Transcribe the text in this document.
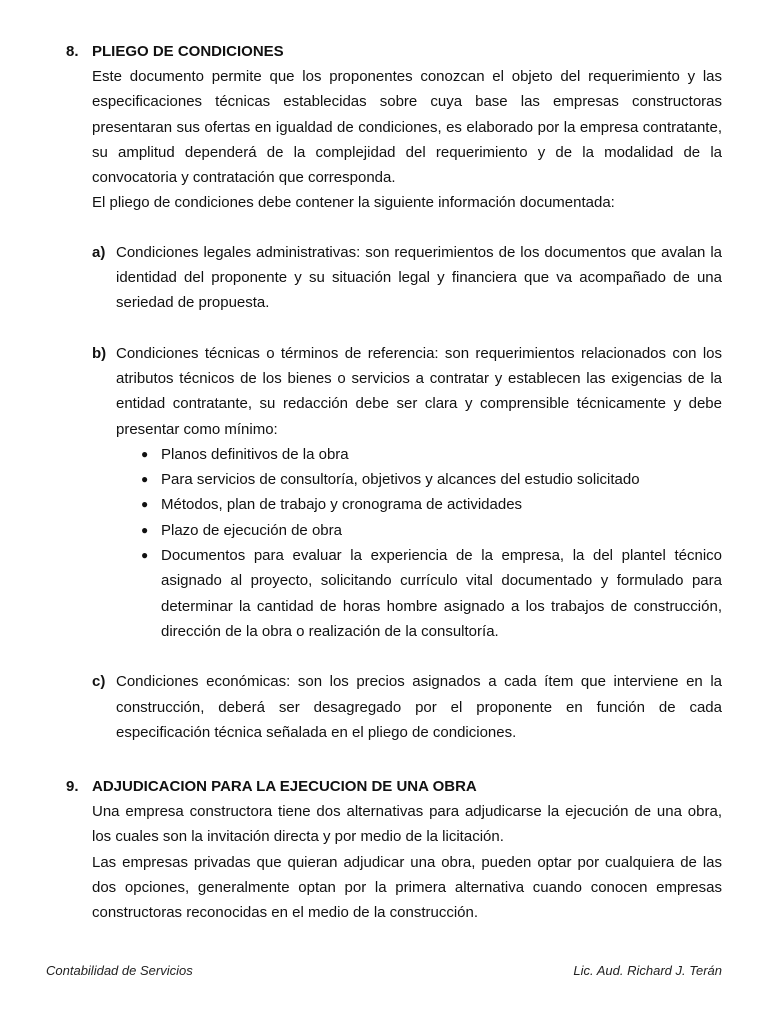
8. PLIEGO DE CONDICIONES
Este documento permite que los proponentes conozcan el objeto del requerimiento y las especificaciones técnicas establecidas sobre cuya base las empresas constructoras presentaran sus ofertas en igualdad de condiciones, es elaborado por la empresa contratante, su amplitud dependerá de la complejidad del requerimiento y de la modalidad de la convocatoria y contratación que corresponda.
El pliego de condiciones debe contener la siguiente información documentada:
a) Condiciones legales administrativas: son requerimientos de los documentos que avalan la identidad del proponente y su situación legal y financiera que va acompañado de una seriedad de propuesta.
b) Condiciones técnicas o términos de referencia: son requerimientos relacionados con los atributos técnicos de los bienes o servicios a contratar y establecen las exigencias de la entidad contratante, su redacción debe ser clara y comprensible técnicamente y debe presentar como mínimo:
● Planos definitivos de la obra
● Para servicios de consultoría, objetivos y alcances del estudio solicitado
● Métodos, plan de trabajo y cronograma de actividades
● Plazo de ejecución de obra
● Documentos para evaluar la experiencia de la empresa, la del plantel técnico asignado al proyecto, solicitando currículo vital documentado y formulado para determinar la cantidad de horas hombre asignado a los trabajos de construcción, dirección de la obra o realización de la consultoría.
c) Condiciones económicas: son los precios asignados a cada ítem que interviene en la construcción, deberá ser desagregado por el proponente en función de cada especificación técnica señalada en el pliego de condiciones.
9. ADJUDICACION PARA LA EJECUCION DE UNA OBRA
Una empresa constructora tiene dos alternativas para adjudicarse la ejecución de una obra, los cuales son la invitación directa y por medio de la licitación.
Las empresas privadas que quieran adjudicar una obra, pueden optar por cualquiera de las dos opciones, generalmente optan por la primera alternativa cuando conocen empresas constructoras reconocidas en el medio de la construcción.
Contabilidad de Servicios	Lic. Aud. Richard J. Terán
